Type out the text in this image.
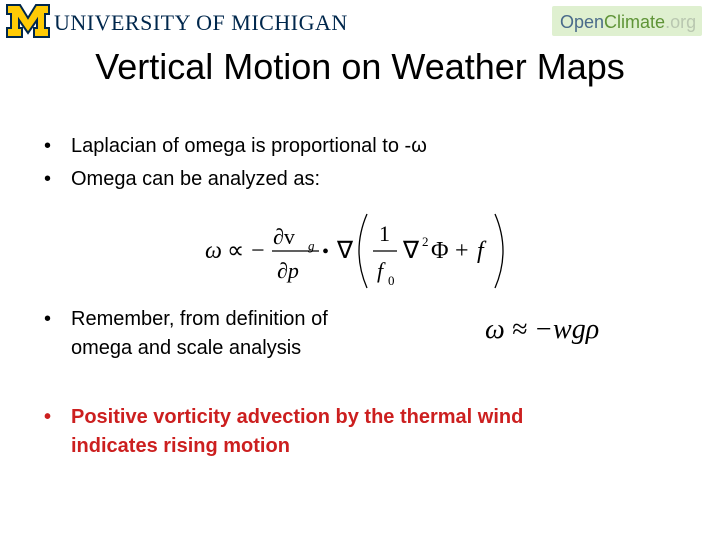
UNIVERSITY OF MICHIGAN	OpenClimate.org
Vertical Motion on Weather Maps
• Laplacian of omega is proportional to -ω
• Omega can be analyzed as:
ω ∝ −
∂v g
∂p
• ∇
1
f 0
∇ 2 Φ + f
• Remember, from definition of
omega and scale analysis
ω ≈ −wgρ
• Positive vorticity advection by the thermal wind
indicates rising motion
